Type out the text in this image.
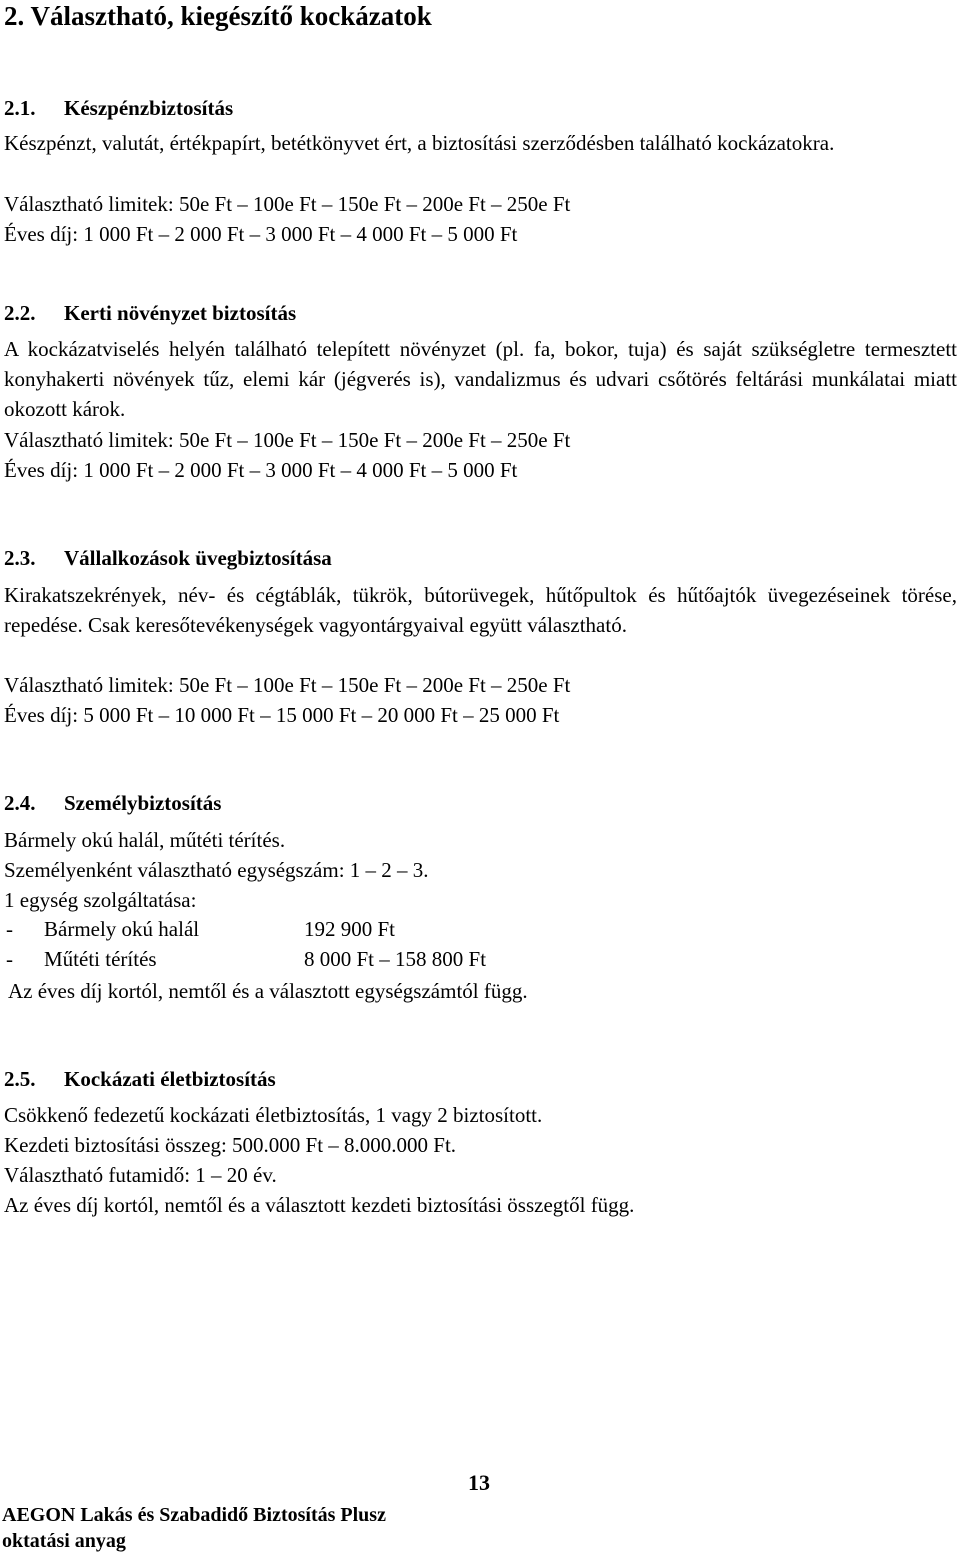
2. Választható, kiegészítő kockázatok
2.1. Készpénzbiztosítás
Készpénzt, valutát, értékpapírt, betétkönyvet ért, a biztosítási szerződésben található kockázatokra.
Választható limitek: 50e Ft – 100e Ft – 150e Ft – 200e Ft – 250e Ft
Éves díj: 1 000 Ft – 2 000 Ft – 3 000 Ft – 4 000 Ft – 5 000 Ft
2.2. Kerti növényzet biztosítás
A kockázatviselés helyén található telepített növényzet (pl. fa, bokor, tuja) és saját szükségletre termesztett konyhakerti növények tűz, elemi kár (jégverés is), vandalizmus és udvari csőtörés feltárási munkálatai miatt okozott károk.
Választható limitek: 50e Ft – 100e Ft – 150e Ft – 200e Ft – 250e Ft
Éves díj: 1 000 Ft – 2 000 Ft – 3 000 Ft – 4 000 Ft – 5 000 Ft
2.3. Vállalkozások üvegbiztosítása
Kirakatszekrények, név- és cégtáblák, tükrök, bútorüvegek, hűtőpultok és hűtőajtók üvegezéseinek törése, repedése. Csak keresőtevékenységek vagyontárgyaival együtt választható.
Választható limitek: 50e Ft – 100e Ft – 150e Ft – 200e Ft – 250e Ft
Éves díj: 5 000 Ft – 10 000 Ft – 15 000 Ft – 20 000 Ft – 25 000 Ft
2.4. Személybiztosítás
Bármely okú halál, műtéti térítés.
Személyenként választható egységszám: 1 – 2 – 3.
1 egység szolgáltatása:
-	Bármely okú halál	192 900 Ft
-	Műtéti térítés	8 000 Ft – 158 800 Ft
Az éves díj kortól, nemtől és a választott egységszámtól függ.
2.5. Kockázati életbiztosítás
Csökkenő fedezetű kockázati életbiztosítás, 1 vagy 2 biztosított.
Kezdeti biztosítási összeg: 500.000 Ft – 8.000.000 Ft.
Választható futamidő: 1 – 20 év.
Az éves díj kortól, nemtől és a választott kezdeti biztosítási összegtől függ.
13
AEGON Lakás és Szabadidő Biztosítás Plusz
oktatási anyag
